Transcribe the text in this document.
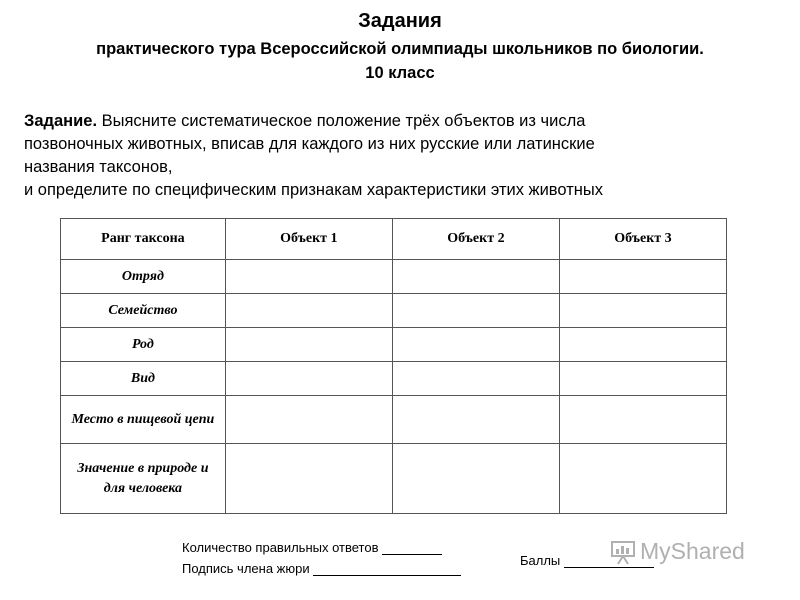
Задания

практического тура Всероссийской олимпиады школьников по биологии.

10 класс

Задание. Выясните систематическое положение трёх объектов из числа
позвоночных животных, вписав для каждого из них русские или латинские
названия таксонов,
и определите по специфическим признакам характеристики этих животных
Ранг таксона	Объект 1	Объект 2	Объект 3
Отряд			
Семейство			
Род			
Вид			
Место в пищевой цепи			
Значение в природе и для человека			

Количество правильных ответов

Баллы

Подпись члена жюри

MyShared
